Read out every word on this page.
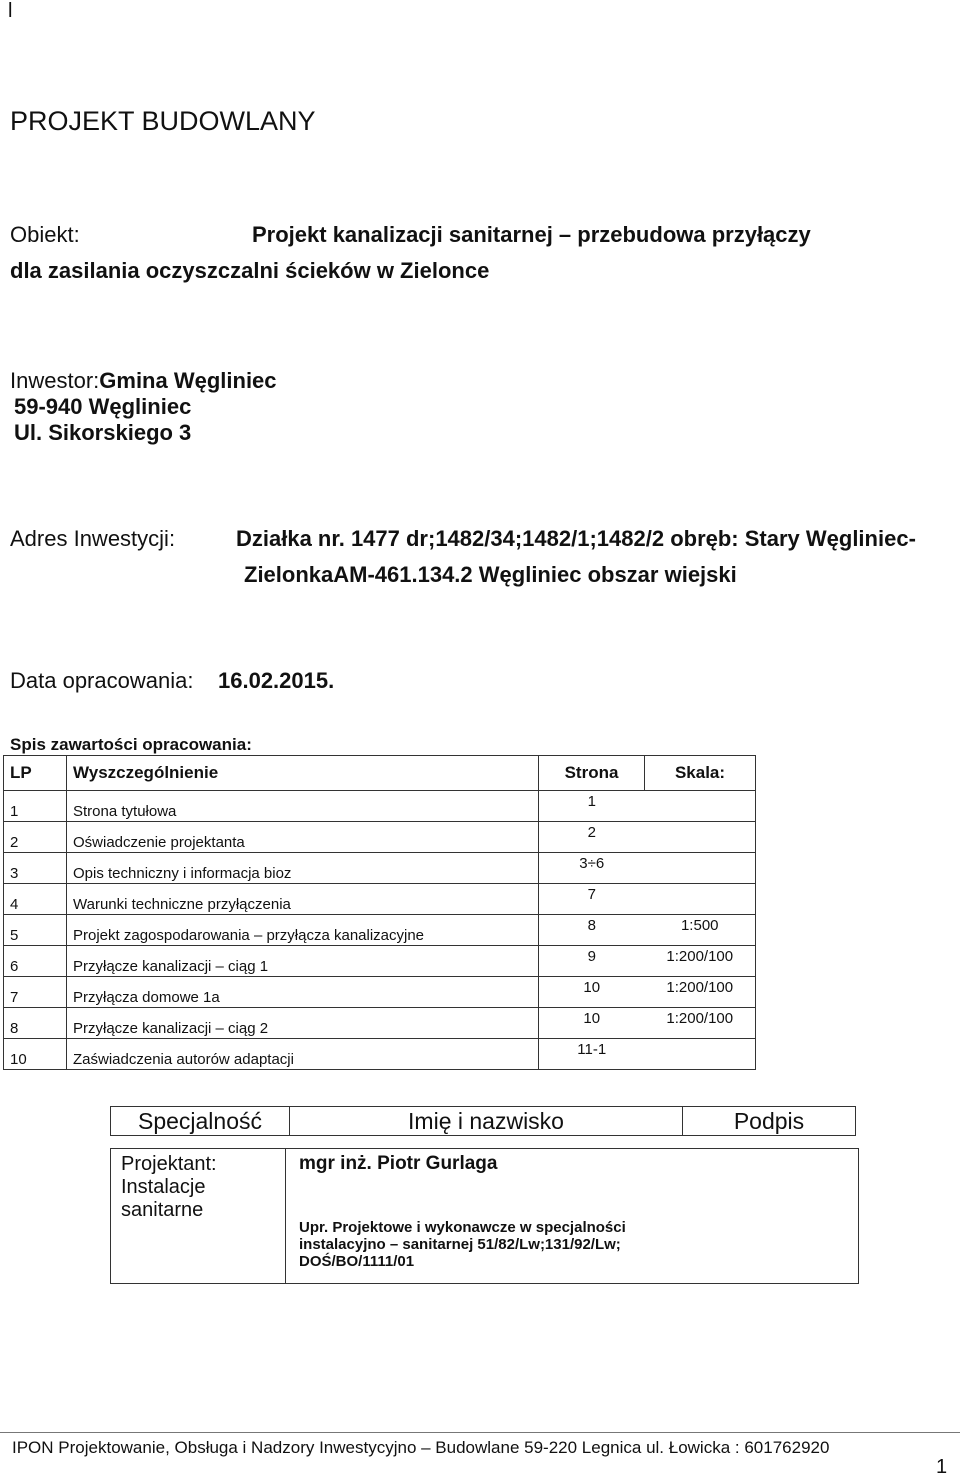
l
PROJEKT BUDOWLANY
Obiekt:	Projekt kanalizacji sanitarnej – przebudowa przyłączy
dla zasilania oczyszczalni ścieków w Zielonce
Inwestor:Gmina Węgliniec
59-940 Węgliniec
Ul. Sikorskiego 3
Adres Inwestycji:	Działka nr. 1477 dr;1482/34;1482/1;1482/2 obręb: Stary Węgliniec-
ZielonkaAM-461.134.2 Węgliniec obszar wiejski
Data opracowania: 16.02.2015.
Spis zawartości opracowania:
LP	Wyszczególnienie	Strona	Skala:
1	Strona tytułowa	1	
2	Oświadczenie projektanta	2	
3	Opis techniczny i informacja bioz	3÷6	
4	Warunki techniczne przyłączenia	7	
5	Projekt zagospodarowania – przyłącza kanalizacyjne	8	1:500
6	Przyłącze kanalizacji – ciąg 1	9	1:200/100
7	Przyłącza domowe 1a	10	1:200/100
8	Przyłącze kanalizacji – ciąg 2	10	1:200/100
10	Zaświadczenia autorów adaptacji	11-1	
Specjalność	Imię i nazwisko	Podpis
Projektant:
Instalacje
sanitarne
mgr inż. Piotr Gurlaga
Upr. Projektowe i wykonawcze w specjalności
instalacyjno – sanitarnej 51/82/Lw;131/92/Lw;
DOŚ/BO/1111/01
IPON Projektowanie, Obsługa i Nadzory Inwestycyjno – Budowlane 59-220 Legnica ul. Łowicka : 601762920
1
